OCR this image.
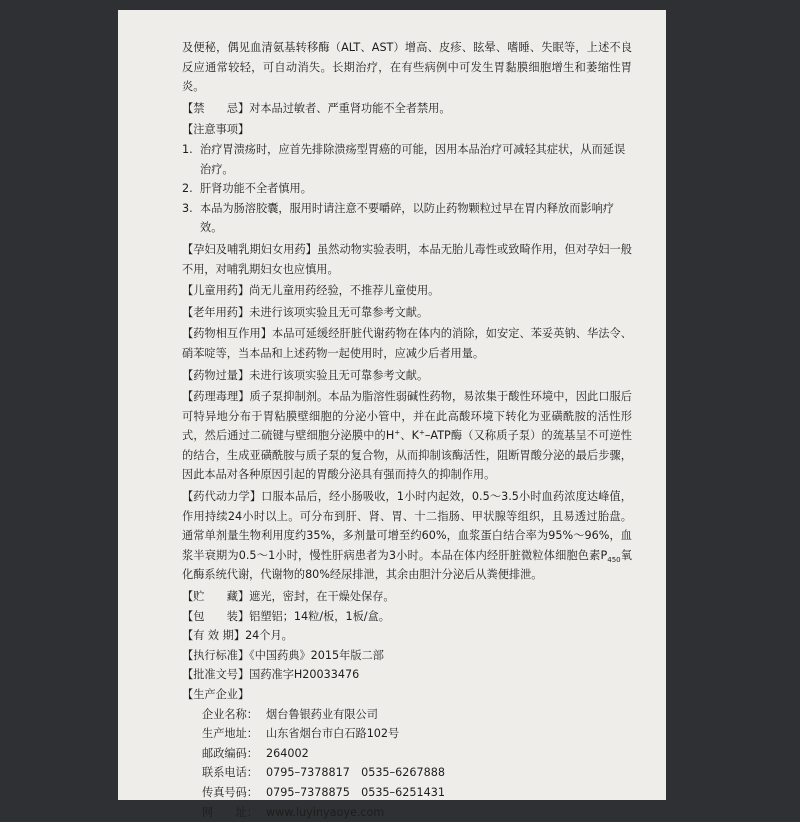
及便秘，偶见血清氨基转移酶（ALT、AST）增高、皮疹、眩晕、嗜睡、失眠等，上述不良反应通常较轻，可自动消失。长期治疗，在有些病例中可发生胃黏膜细胞增生和萎缩性胃炎。

【禁　　忌】对本品过敏者、严重肾功能不全者禁用。

【注意事项】
1. 治疗胃溃疡时，应首先排除溃疡型胃癌的可能，因用本品治疗可减轻其症状，从而延误治疗。
2. 肝肾功能不全者慎用。
3. 本品为肠溶胶囊，服用时请注意不要嚼碎，以防止药物颗粒过早在胃内释放而影响疗效。

【孕妇及哺乳期妇女用药】虽然动物实验表明，本品无胎儿毒性或致畸作用，但对孕妇一般不用，对哺乳期妇女也应慎用。

【儿童用药】尚无儿童用药经验，不推荐儿童使用。

【老年用药】未进行该项实验且无可靠参考文献。

【药物相互作用】本品可延缓经肝脏代谢药物在体内的消除，如安定、苯妥英钠、华法令、硝苯啶等，当本品和上述药物一起使用时，应减少后者用量。

【药物过量】未进行该项实验且无可靠参考文献。

【药理毒理】质子泵抑制剂。本品为脂溶性弱碱性药物，易浓集于酸性环境中，因此口服后可特异地分布于胃粘膜壁细胞的分泌小管中，并在此高酸环境下转化为亚磺酰胺的活性形式，然后通过二硫键与壁细胞分泌膜中的H+、K+–ATP酶（又称质子泵）的巯基呈不可逆性的结合，生成亚磺酰胺与质子泵的复合物，从而抑制该酶活性，阻断胃酸分泌的最后步骤，因此本品对各种原因引起的胃酸分泌具有强而持久的抑制作用。

【药代动力学】口服本品后，经小肠吸收，1小时内起效，0.5～3.5小时血药浓度达峰值，作用持续24小时以上。可分布到肝、肾、胃、十二指肠、甲状腺等组织，且易透过胎盘。通常单剂量生物利用度约35%，多剂量可增至约60%，血浆蛋白结合率为95%～96%，血浆半衰期为0.5～1小时，慢性肝病患者为3小时。本品在体内经肝脏微粒体细胞色素$P_{450}$氧化酶系统代谢，代谢物的80%经尿排泄，其余由胆汁分泌后从粪便排泄。

【贮　　藏】遮光，密封，在干燥处保存。

【包　　装】铝塑铝；14粒/板，1板/盒。

【有 效 期】24个月。

【执行标准】《中国药典》2015年版二部

【批准文号】国药准字H20033476

【生产企业】
企业名称： 烟台鲁银药业有限公司
生产地址： 山东省烟台市白石路102号
邮政编码： 264002
联系电话： 0795–7378817　0535–6267888
传真号码： 0795–7378875　0535–6251431
网　　址： www.luyinyaoye.com
